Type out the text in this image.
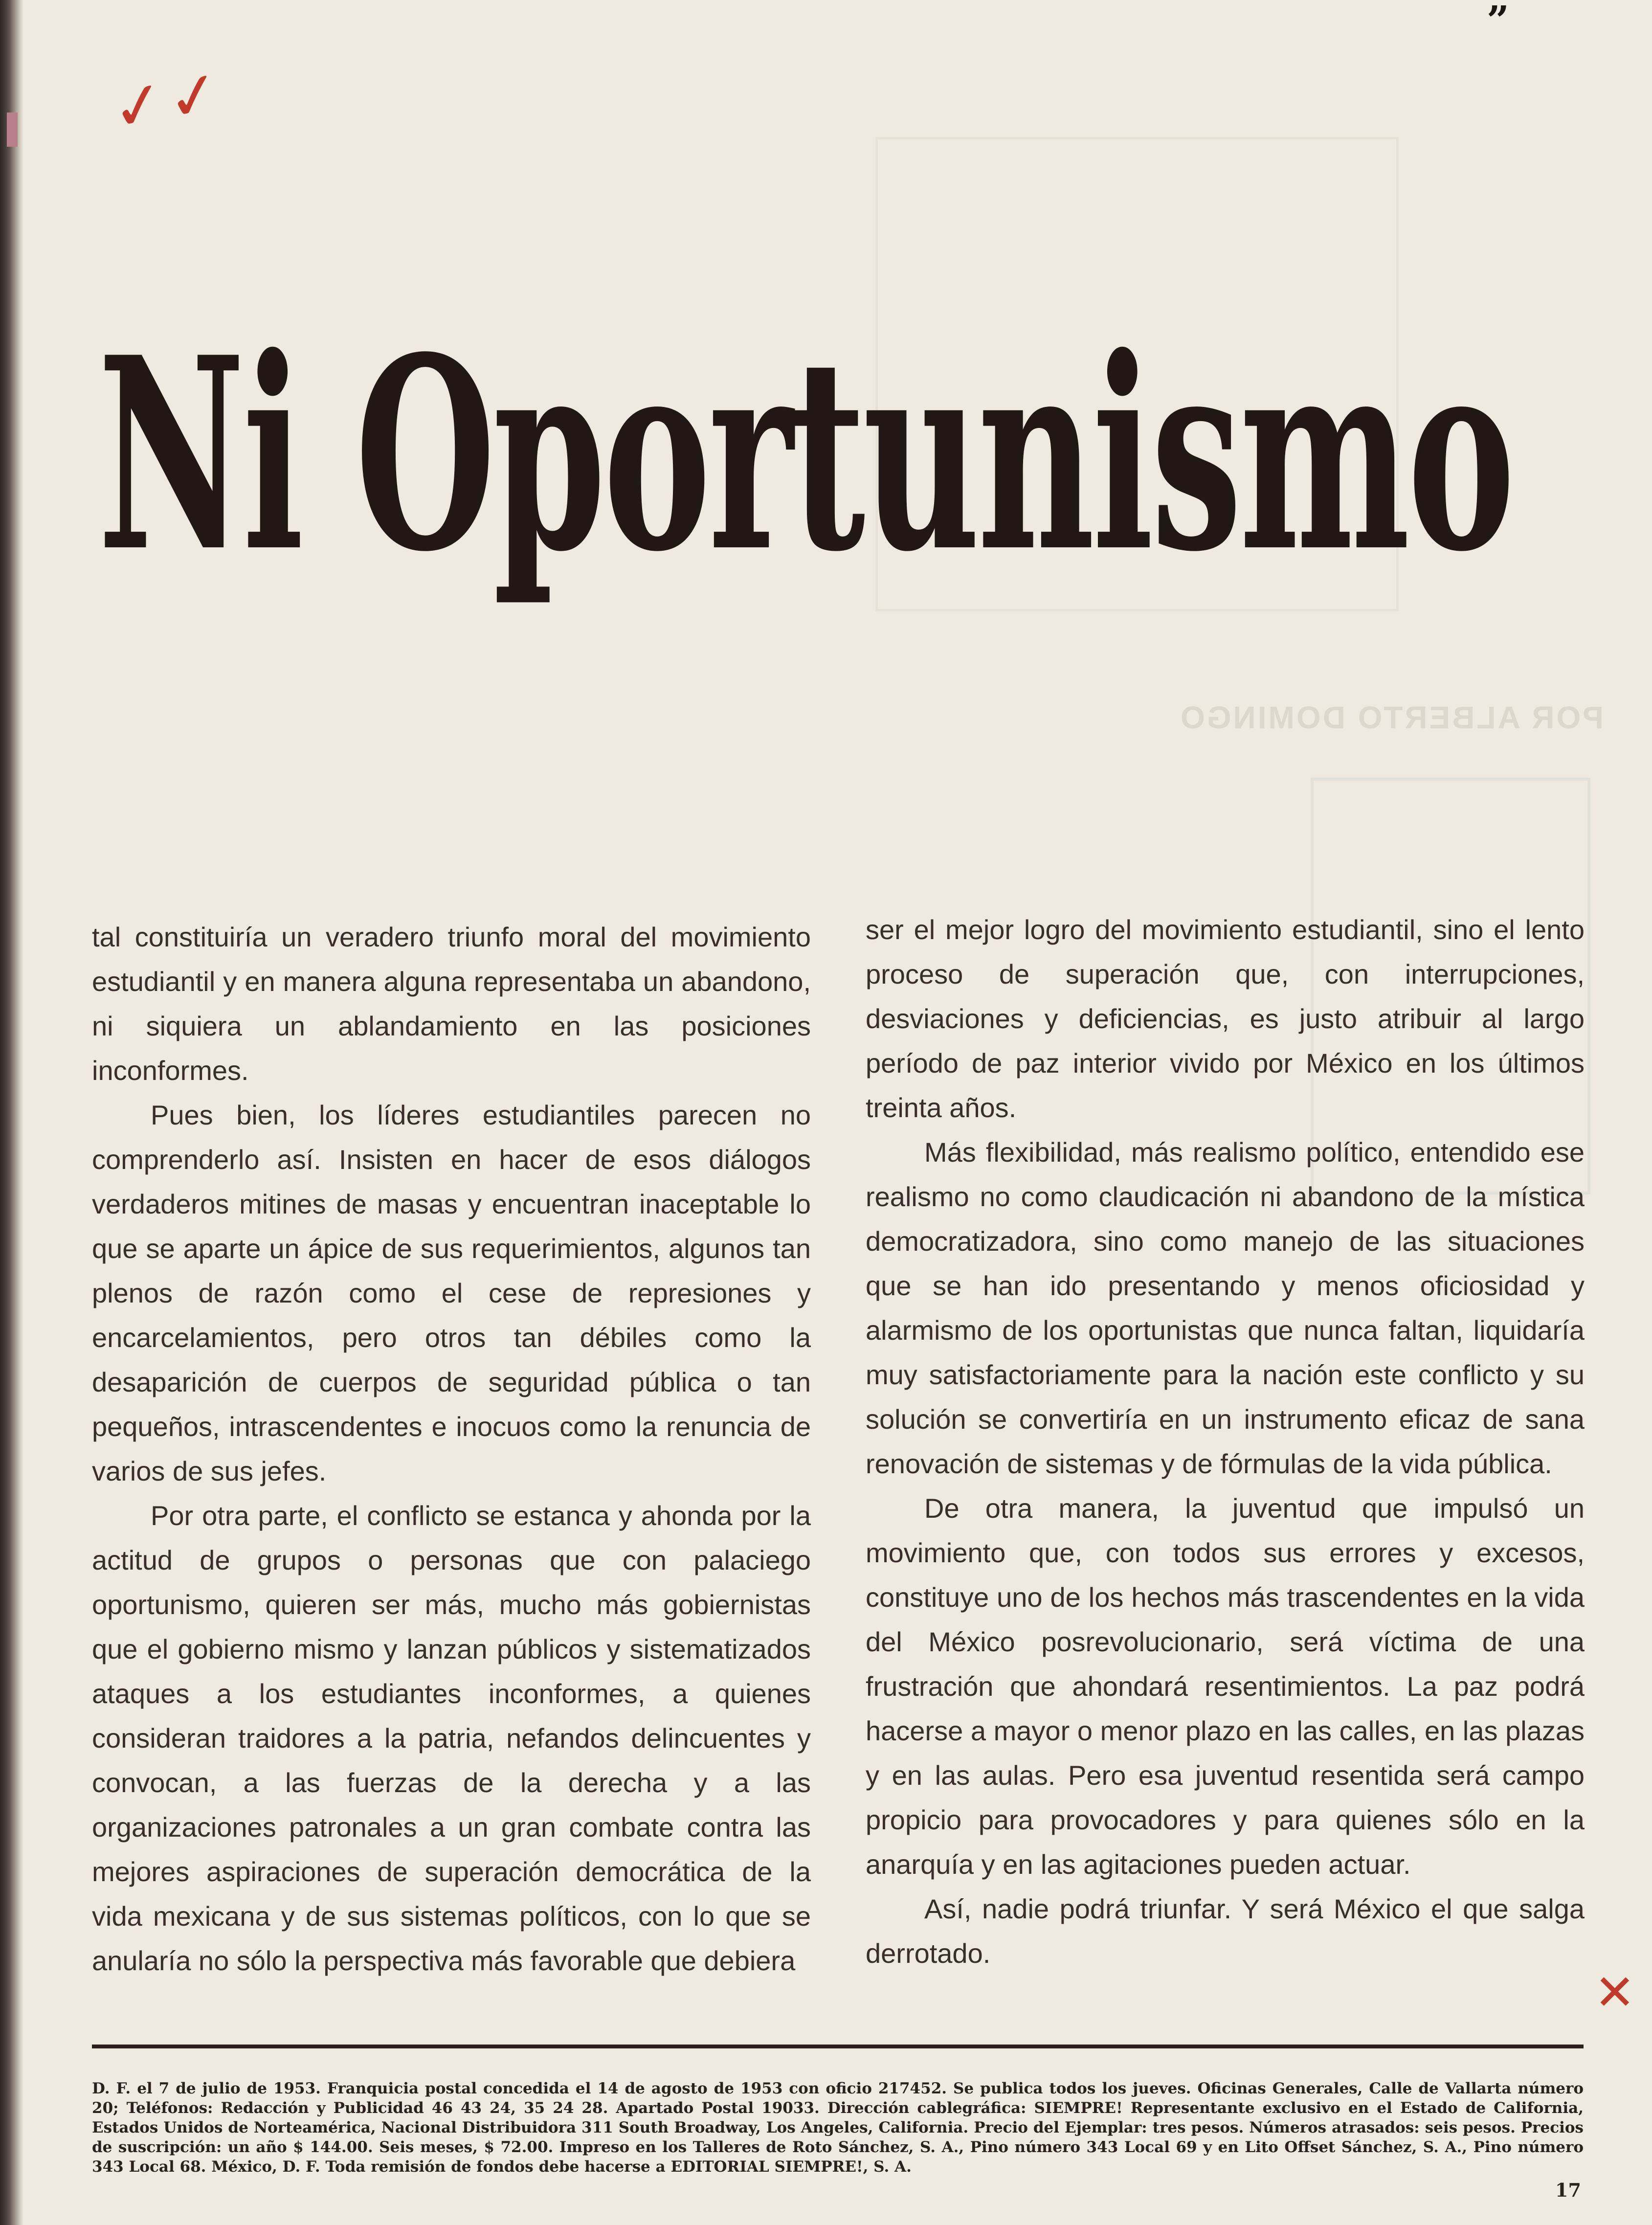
”
✓✓
POR ALBERTO DOMINGO
Ni Oportunismo

tal constituiría un veradero triunfo moral del movimiento estudiantil y en manera alguna representaba un abandono, ni siquiera un ablandamiento en las posiciones inconformes.

Pues bien, los líderes estudiantiles parecen no comprenderlo así. Insisten en hacer de esos diálogos verdaderos mitines de masas y encuentran inaceptable lo que se aparte un ápice de sus requerimientos, algunos tan plenos de razón como el cese de represiones y encarcelamientos, pero otros tan débiles como la desaparición de cuerpos de seguridad pública o tan pequeños, intrascendentes e inocuos como la renuncia de varios de sus jefes.

Por otra parte, el conflicto se estanca y ahonda por la actitud de grupos o personas que con palaciego oportunismo, quieren ser más, mucho más gobiernistas que el gobierno mismo y lanzan públicos y sistematizados ataques a los estudiantes inconformes, a quienes consideran traidores a la patria, nefandos delincuentes y convocan, a las fuerzas de la derecha y a las organizaciones patronales a un gran combate contra las mejores aspiraciones de superación democrática de la vida mexicana y de sus sistemas políticos, con lo que se anularía no sólo la perspectiva más favorable que debiera

ser el mejor logro del movimiento estudiantil, sino el lento proceso de superación que, con interrupciones, desviaciones y deficiencias, es justo atribuir al largo período de paz interior vivido por México en los últimos treinta años.

Más flexibilidad, más realismo político, entendido ese realismo no como claudicación ni abandono de la mística democratizadora, sino como manejo de las situaciones que se han ido presentando y menos oficiosidad y alarmismo de los oportunistas que nunca faltan, liquidaría muy satisfactoriamente para la nación este conflicto y su solución se convertiría en un instrumento eficaz de sana renovación de sistemas y de fórmulas de la vida pública.

De otra manera, la juventud que impulsó un movimiento que, con todos sus errores y excesos, constituye uno de los hechos más trascendentes en la vida del México posrevolucionario, será víctima de una frustración que ahondará resentimientos. La paz podrá hacerse a mayor o menor plazo en las calles, en las plazas y en las aulas. Pero esa juventud resentida será campo propicio para provocadores y para quienes sólo en la anarquía y en las agitaciones pueden actuar.

Así, nadie podrá triunfar. Y será México el que salga derrotado.

✕
D. F. el 7 de julio de 1953. Franquicia postal concedida el 14 de agosto de 1953 con oficio 217452. Se publica todos los jueves. Oficinas Generales, Calle de Vallarta número 20; Teléfonos: Redacción y Publicidad 46 43 24, 35 24 28. Apartado Postal 19033. Dirección cablegráfica: SIEMPRE! Representante exclusivo en el Estado de California, Estados Unidos de Norteamérica, Nacional Distribuidora 311 South Broadway, Los Angeles, California. Precio del Ejemplar: tres pesos. Números atrasados: seis pesos. Precios de suscripción: un año $ 144.00. Seis meses, $ 72.00. Impreso en los Talleres de Roto Sánchez, S. A., Pino número 343 Local 69 y en Lito Offset Sánchez, S. A., Pino número 343 Local 68. México, D. F. Toda remisión de fondos debe hacerse a EDITORIAL SIEMPRE!, S. A.
17
